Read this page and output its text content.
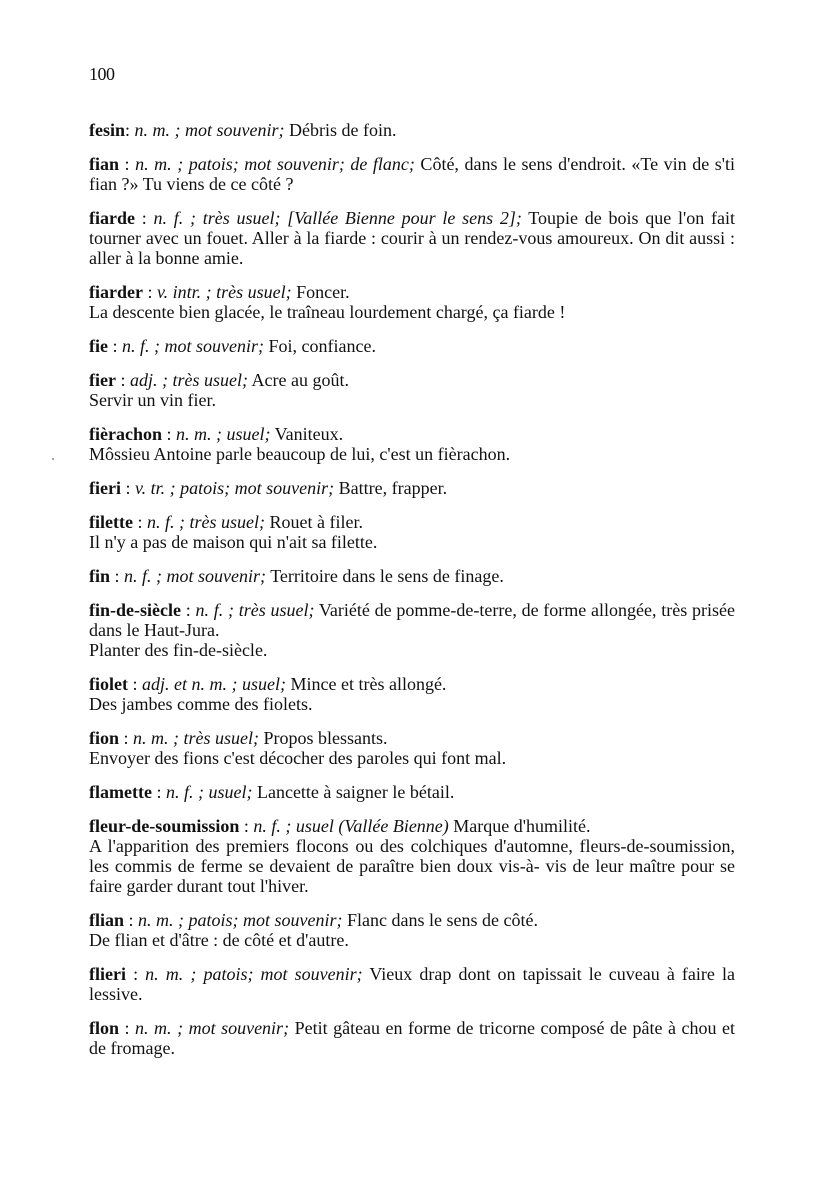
100

fesin: n. m. ; mot souvenir; Débris de foin.

fian : n. m. ; patois; mot souvenir; de flanc; Côté, dans le sens d'endroit. «Te vin de s'ti fian ?» Tu viens de ce côté ?

fiarde : n. f. ; très usuel; [Vallée Bienne pour le sens 2]; Toupie de bois que l'on fait tourner avec un fouet. Aller à la fiarde : courir à un rendez-vous amoureux. On dit aussi : aller à la bonne amie.

fiarder : v. intr. ; très usuel; Foncer.
La descente bien glacée, le traîneau lourdement chargé, ça fiarde !

fie : n. f. ; mot souvenir; Foi, confiance.

fier : adj. ; très usuel; Acre au goût.
Servir un vin fier.

fièrachon : n. m. ; usuel; Vaniteux.
Môssieu Antoine parle beaucoup de lui, c'est un fièrachon.

fieri : v. tr. ; patois; mot souvenir; Battre, frapper.

filette : n. f. ; très usuel; Rouet à filer.
Il n'y a pas de maison qui n'ait sa filette.

fin : n. f. ; mot souvenir; Territoire dans le sens de finage.

fin-de-siècle : n. f. ; très usuel; Variété de pomme-de-terre, de forme allongée, très prisée dans le Haut-Jura.
Planter des fin-de-siècle.

fiolet : adj. et n. m. ; usuel; Mince et très allongé.
Des jambes comme des fiolets.

fion : n. m. ; très usuel; Propos blessants.
Envoyer des fions c'est décocher des paroles qui font mal.

flamette : n. f. ; usuel; Lancette à saigner le bétail.

fleur-de-soumission : n. f. ; usuel (Vallée Bienne) Marque d'humilité.
A l'apparition des premiers flocons ou des colchiques d'automne, fleurs-de-soumission, les commis de ferme se devaient de paraître bien doux vis-à- vis de leur maître pour se faire garder durant tout l'hiver.

flian : n. m. ; patois; mot souvenir; Flanc dans le sens de côté.
De flian et d'âtre : de côté et d'autre.

flieri : n. m. ; patois; mot souvenir; Vieux drap dont on tapissait le cuveau à faire la lessive.

flon : n. m. ; mot souvenir; Petit gâteau en forme de tricorne composé de pâte à chou et de fromage.
